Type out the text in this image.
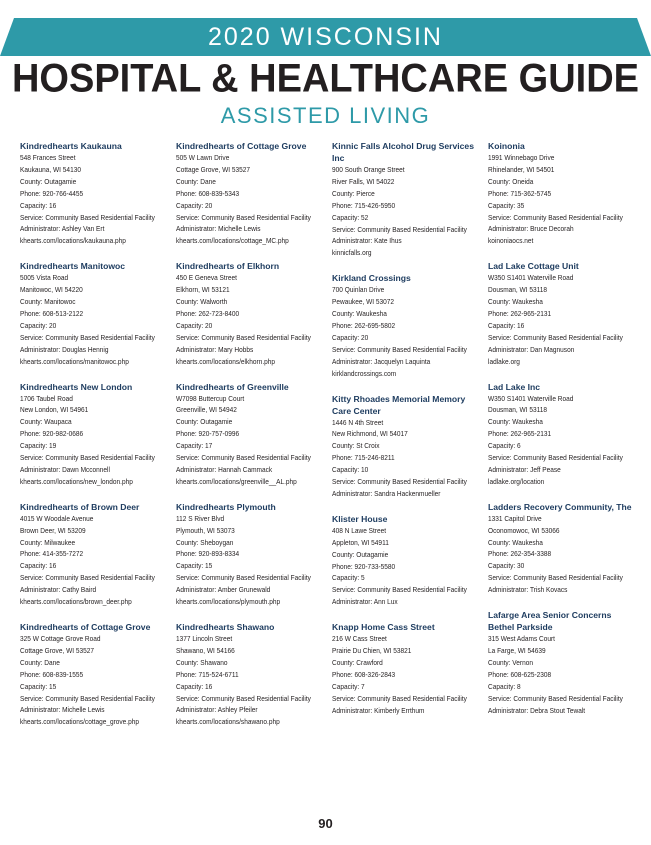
2020 WISCONSIN
HOSPITAL & HEALTHCARE GUIDE
ASSISTED LIVING
Kindredhearts Kaukauna
548 Frances Street
Kaukauna, WI 54130
County: Outagamie
Phone: 920-766-4455
Capacity: 16
Service: Community Based Residential Facility
Administrator: Ashley Van Ert
khearts.com/locations/kaukauna.php
Kindredhearts Manitowoc
5005 Vista Road
Manitowoc, WI 54220
County: Manitowoc
Phone: 608-513-2122
Capacity: 20
Service: Community Based Residential Facility
Administrator: Douglas Hennig
khearts.com/locations/manitowoc.php
Kindredhearts New London
1706 Taubel Road
New London, WI 54961
County: Waupaca
Phone: 920-982-0686
Capacity: 19
Service: Community Based Residential Facility
Administrator: Dawn Mcconnell
khearts.com/locations/new_london.php
Kindredhearts of Brown Deer
4015 W Woodale Avenue
Brown Deer, WI 53209
County: Milwaukee
Phone: 414-355-7272
Capacity: 16
Service: Community Based Residential Facility
Administrator: Cathy Baird
khearts.com/locations/brown_deer.php
Kindredhearts of Cottage Grove
325 W Cottage Grove Road
Cottage Grove, WI 53527
County: Dane
Phone: 608-839-1555
Capacity: 15
Service: Community Based Residential Facility
Administrator: Michelle Lewis
khearts.com/locations/cottage_grove.php
Kindredhearts of Cottage Grove
505 W Lawn Drive
Cottage Grove, WI 53527
County: Dane
Phone: 608-839-5343
Capacity: 20
Service: Community Based Residential Facility
Administrator: Michelle Lewis
khearts.com/locations/cottage_MC.php
Kindredhearts of Elkhorn
450 E Geneva Street
Elkhorn, WI 53121
County: Walworth
Phone: 262-723-8400
Capacity: 20
Service: Community Based Residential Facility
Administrator: Mary Hobbs
khearts.com/locations/elkhorn.php
Kindredhearts of Greenville
W7098 Buttercup Court
Greenville, WI 54942
County: Outagamie
Phone: 920-757-0996
Capacity: 17
Service: Community Based Residential Facility
Administrator: Hannah Cammack
khearts.com/locations/greenville__AL.php
Kindredhearts Plymouth
112 S River Blvd
Plymouth, WI 53073
County: Sheboygan
Phone: 920-893-8334
Capacity: 15
Service: Community Based Residential Facility
Administrator: Amber Grunewald
khearts.com/locations/plymouth.php
Kindredhearts Shawano
1377 Lincoln Street
Shawano, WI 54166
County: Shawano
Phone: 715-524-6711
Capacity: 16
Service: Community Based Residential Facility
Administrator: Ashley Pfeiler
khearts.com/locations/shawano.php
Kinnic Falls Alcohol Drug Services Inc
900 South Orange Street
River Falls, WI 54022
County: Pierce
Phone: 715-426-5950
Capacity: 52
Service: Community Based Residential Facility
Administrator: Kate Ihus
kinnicfalls.org
Kirkland Crossings
700 Quinlan Drive
Pewaukee, WI 53072
County: Waukesha
Phone: 262-695-5802
Capacity: 20
Service: Community Based Residential Facility
Administrator: Jacquelyn Laquinta
kirklandcrossings.com
Kitty Rhoades Memorial Memory Care Center
1446 N 4th Street
New Richmond, WI 54017
County: St Croix
Phone: 715-246-8211
Capacity: 10
Service: Community Based Residential Facility
Administrator: Sandra Hackenmueller
Klister House
408 N Lawe Street
Appleton, WI 54911
County: Outagamie
Phone: 920-733-5580
Capacity: 5
Service: Community Based Residential Facility
Administrator: Ann Lux
Knapp Home Cass Street
216 W Cass Street
Prairie Du Chien, WI 53821
County: Crawford
Phone: 608-326-2843
Capacity: 7
Service: Community Based Residential Facility
Administrator: Kimberly Errthum
Koinonia
1991 Winnebago Drive
Rhinelander, WI 54501
County: Oneida
Phone: 715-362-5745
Capacity: 35
Service: Community Based Residential Facility
Administrator: Bruce Decorah
koinoniaocs.net
Lad Lake Cottage Unit
W350 S1401 Waterville Road
Dousman, WI 53118
County: Waukesha
Phone: 262-965-2131
Capacity: 16
Service: Community Based Residential Facility
Administrator: Dan Magnuson
ladlake.org
Lad Lake Inc
W350 S1401 Waterville Road
Dousman, WI 53118
County: Waukesha
Phone: 262-965-2131
Capacity: 6
Service: Community Based Residential Facility
Administrator: Jeff Pease
ladlake.org/location
Ladders Recovery Community, The
1331 Capitol Drive
Oconomowoc, WI 53066
County: Waukesha
Phone: 262-354-3388
Capacity: 30
Service: Community Based Residential Facility
Administrator: Trish Kovacs
Lafarge Area Senior Concerns Bethel Parkside
315 West Adams Court
La Farge, WI 54639
County: Vernon
Phone: 608-625-2308
Capacity: 8
Service: Community Based Residential Facility
Administrator: Debra Stout Tewalt
90
